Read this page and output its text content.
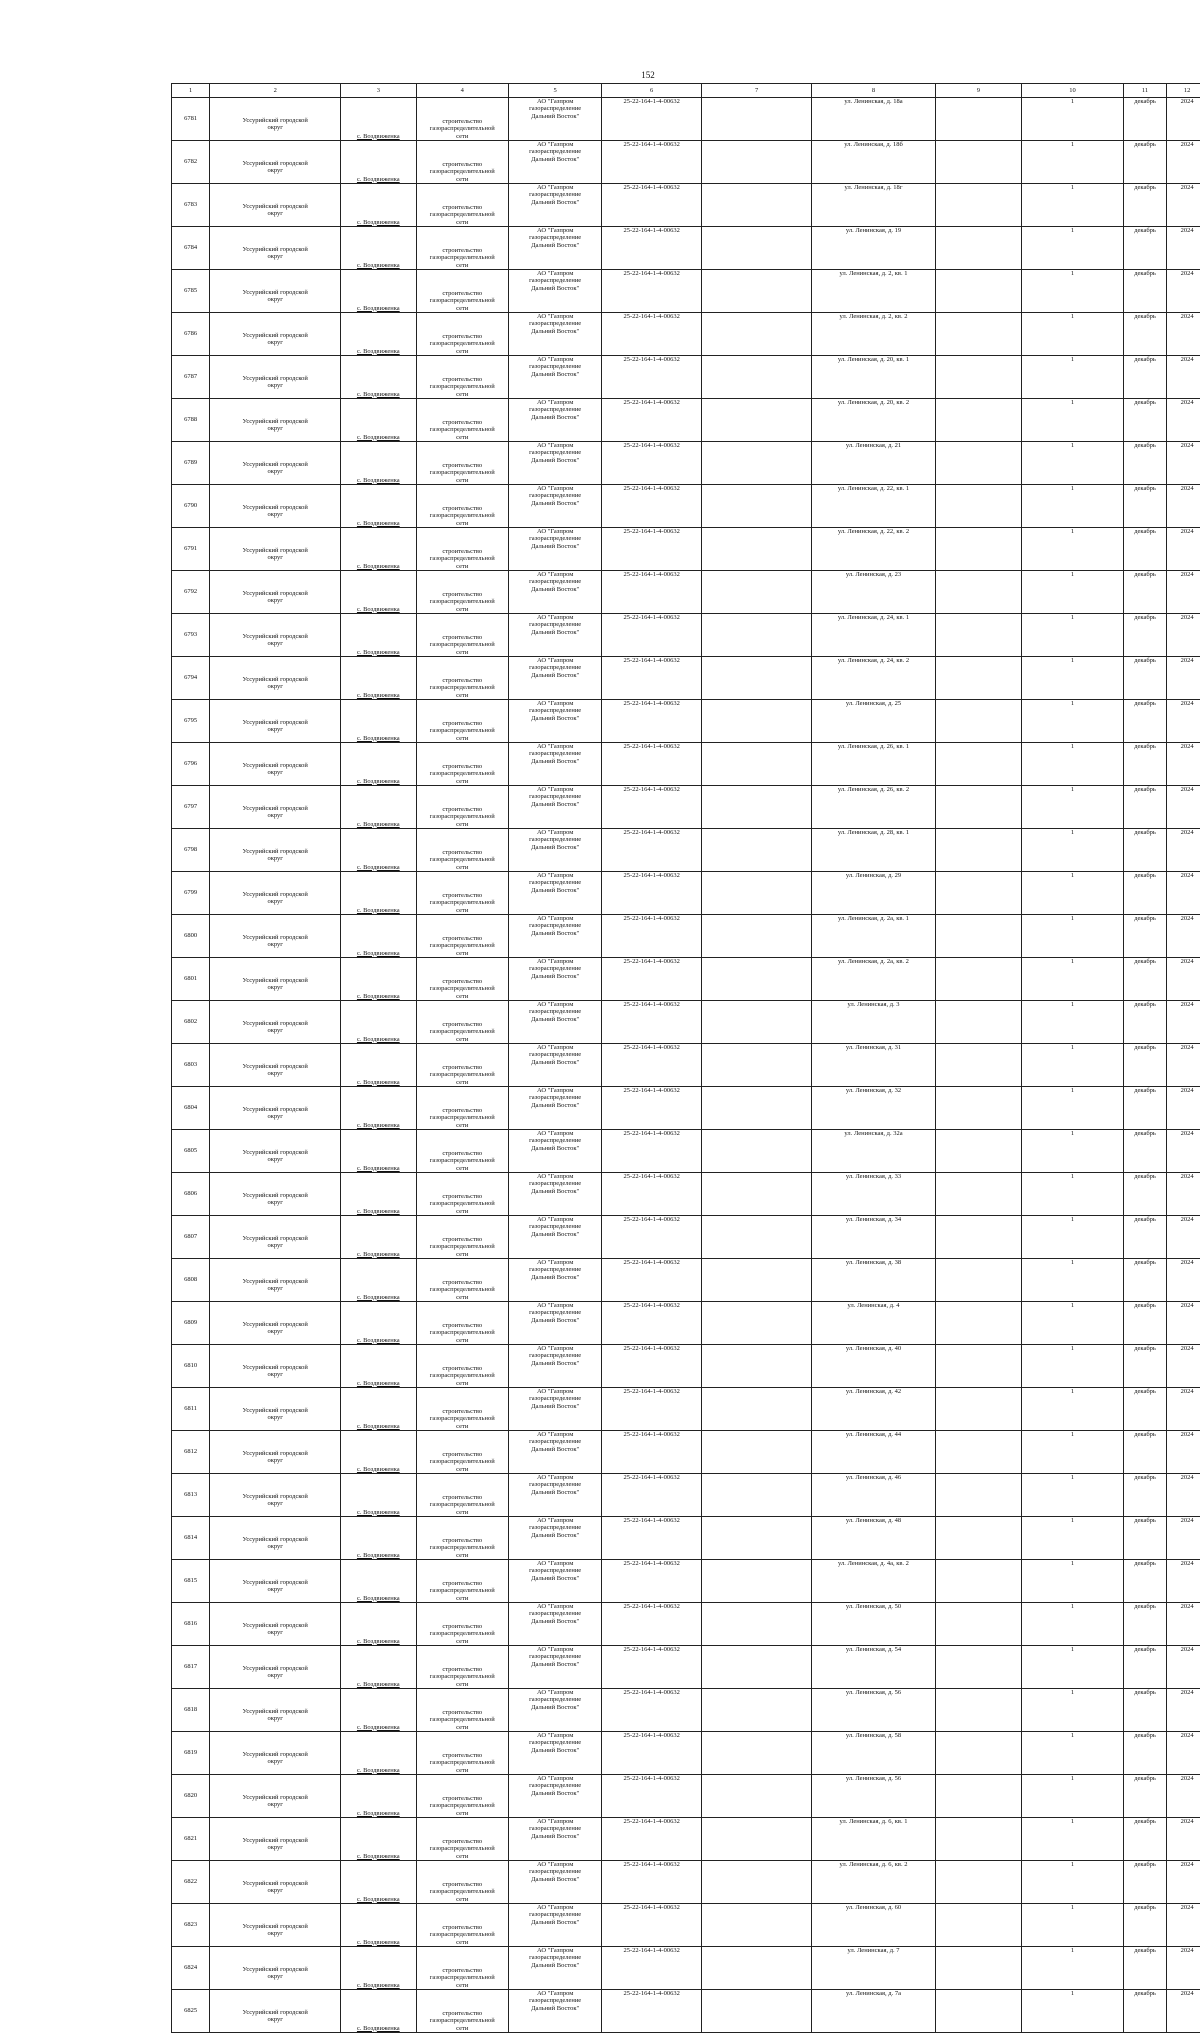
152
1	2	3	4	5	6	7	8	9	10	11	12

6781	Уссурийский городской
округ	с. Воздвиженка	строительство
газораспределительной
сети	АО "Газпром
газораспределение
Дальний Восток"	25-22-164-1-4-00632		ул. Ленинская, д. 18а		1	декабрь	2024

6782	Уссурийский городской
округ	с. Воздвиженка	строительство
газораспределительной
сети	АО "Газпром
газораспределение
Дальний Восток"	25-22-164-1-4-00632		ул. Ленинская, д. 18б		1	декабрь	2024

6783	Уссурийский городской
округ	с. Воздвиженка	строительство
газораспределительной
сети	АО "Газпром
газораспределение
Дальний Восток"	25-22-164-1-4-00632		ул. Ленинская, д. 18г		1	декабрь	2024

6784	Уссурийский городской
округ	с. Воздвиженка	строительство
газораспределительной
сети	АО "Газпром
газораспределение
Дальний Восток"	25-22-164-1-4-00632		ул. Ленинская, д. 19		1	декабрь	2024

6785	Уссурийский городской
округ	с. Воздвиженка	строительство
газораспределительной
сети	АО "Газпром
газораспределение
Дальний Восток"	25-22-164-1-4-00632		ул. Ленинская, д. 2, кв. 1		1	декабрь	2024

6786	Уссурийский городской
округ	с. Воздвиженка	строительство
газораспределительной
сети	АО "Газпром
газораспределение
Дальний Восток"	25-22-164-1-4-00632		ул. Ленинская, д. 2, кв. 2		1	декабрь	2024

6787	Уссурийский городской
округ	с. Воздвиженка	строительство
газораспределительной
сети	АО "Газпром
газораспределение
Дальний Восток"	25-22-164-1-4-00632		ул. Ленинская, д. 20, кв. 1		1	декабрь	2024

6788	Уссурийский городской
округ	с. Воздвиженка	строительство
газораспределительной
сети	АО "Газпром
газораспределение
Дальний Восток"	25-22-164-1-4-00632		ул. Ленинская, д. 20, кв. 2		1	декабрь	2024

6789	Уссурийский городской
округ	с. Воздвиженка	строительство
газораспределительной
сети	АО "Газпром
газораспределение
Дальний Восток"	25-22-164-1-4-00632		ул. Ленинская, д. 21		1	декабрь	2024

6790	Уссурийский городской
округ	с. Воздвиженка	строительство
газораспределительной
сети	АО "Газпром
газораспределение
Дальний Восток"	25-22-164-1-4-00632		ул. Ленинская, д. 22, кв. 1		1	декабрь	2024

6791	Уссурийский городской
округ	с. Воздвиженка	строительство
газораспределительной
сети	АО "Газпром
газораспределение
Дальний Восток"	25-22-164-1-4-00632		ул. Ленинская, д. 22, кв. 2		1	декабрь	2024

6792	Уссурийский городской
округ	с. Воздвиженка	строительство
газораспределительной
сети	АО "Газпром
газораспределение
Дальний Восток"	25-22-164-1-4-00632		ул. Ленинская, д. 23		1	декабрь	2024

6793	Уссурийский городской
округ	с. Воздвиженка	строительство
газораспределительной
сети	АО "Газпром
газораспределение
Дальний Восток"	25-22-164-1-4-00632		ул. Ленинская, д. 24, кв. 1		1	декабрь	2024

6794	Уссурийский городской
округ	с. Воздвиженка	строительство
газораспределительной
сети	АО "Газпром
газораспределение
Дальний Восток"	25-22-164-1-4-00632		ул. Ленинская, д. 24, кв. 2		1	декабрь	2024

6795	Уссурийский городской
округ	с. Воздвиженка	строительство
газораспределительной
сети	АО "Газпром
газораспределение
Дальний Восток"	25-22-164-1-4-00632		ул. Ленинская, д. 25		1	декабрь	2024

6796	Уссурийский городской
округ	с. Воздвиженка	строительство
газораспределительной
сети	АО "Газпром
газораспределение
Дальний Восток"	25-22-164-1-4-00632		ул. Ленинская, д. 26, кв. 1		1	декабрь	2024

6797	Уссурийский городской
округ	с. Воздвиженка	строительство
газораспределительной
сети	АО "Газпром
газораспределение
Дальний Восток"	25-22-164-1-4-00632		ул. Ленинская, д. 26, кв. 2		1	декабрь	2024

6798	Уссурийский городской
округ	с. Воздвиженка	строительство
газораспределительной
сети	АО "Газпром
газораспределение
Дальний Восток"	25-22-164-1-4-00632		ул. Ленинская, д. 28, кв. 1		1	декабрь	2024

6799	Уссурийский городской
округ	с. Воздвиженка	строительство
газораспределительной
сети	АО "Газпром
газораспределение
Дальний Восток"	25-22-164-1-4-00632		ул. Ленинская, д. 29		1	декабрь	2024

6800	Уссурийский городской
округ	с. Воздвиженка	строительство
газораспределительной
сети	АО "Газпром
газораспределение
Дальний Восток"	25-22-164-1-4-00632		ул. Ленинская, д. 2а, кв. 1		1	декабрь	2024

6801	Уссурийский городской
округ	с. Воздвиженка	строительство
газораспределительной
сети	АО "Газпром
газораспределение
Дальний Восток"	25-22-164-1-4-00632		ул. Ленинская, д. 2а, кв. 2		1	декабрь	2024

6802	Уссурийский городской
округ	с. Воздвиженка	строительство
газораспределительной
сети	АО "Газпром
газораспределение
Дальний Восток"	25-22-164-1-4-00632		ул. Ленинская, д. 3		1	декабрь	2024

6803	Уссурийский городской
округ	с. Воздвиженка	строительство
газораспределительной
сети	АО "Газпром
газораспределение
Дальний Восток"	25-22-164-1-4-00632		ул. Ленинская, д. 31		1	декабрь	2024

6804	Уссурийский городской
округ	с. Воздвиженка	строительство
газораспределительной
сети	АО "Газпром
газораспределение
Дальний Восток"	25-22-164-1-4-00632		ул. Ленинская, д. 32		1	декабрь	2024

6805	Уссурийский городской
округ	с. Воздвиженка	строительство
газораспределительной
сети	АО "Газпром
газораспределение
Дальний Восток"	25-22-164-1-4-00632		ул. Ленинская, д. 32а		1	декабрь	2024

6806	Уссурийский городской
округ	с. Воздвиженка	строительство
газораспределительной
сети	АО "Газпром
газораспределение
Дальний Восток"	25-22-164-1-4-00632		ул. Ленинская, д. 33		1	декабрь	2024

6807	Уссурийский городской
округ	с. Воздвиженка	строительство
газораспределительной
сети	АО "Газпром
газораспределение
Дальний Восток"	25-22-164-1-4-00632		ул. Ленинская, д. 34		1	декабрь	2024

6808	Уссурийский городской
округ	с. Воздвиженка	строительство
газораспределительной
сети	АО "Газпром
газораспределение
Дальний Восток"	25-22-164-1-4-00632		ул. Ленинская, д. 38		1	декабрь	2024

6809	Уссурийский городской
округ	с. Воздвиженка	строительство
газораспределительной
сети	АО "Газпром
газораспределение
Дальний Восток"	25-22-164-1-4-00632		ул. Ленинская, д. 4		1	декабрь	2024

6810	Уссурийский городской
округ	с. Воздвиженка	строительство
газораспределительной
сети	АО "Газпром
газораспределение
Дальний Восток"	25-22-164-1-4-00632		ул. Ленинская, д. 40		1	декабрь	2024

6811	Уссурийский городской
округ	с. Воздвиженка	строительство
газораспределительной
сети	АО "Газпром
газораспределение
Дальний Восток"	25-22-164-1-4-00632		ул. Ленинская, д. 42		1	декабрь	2024

6812	Уссурийский городской
округ	с. Воздвиженка	строительство
газораспределительной
сети	АО "Газпром
газораспределение
Дальний Восток"	25-22-164-1-4-00632		ул. Ленинская, д. 44		1	декабрь	2024

6813	Уссурийский городской
округ	с. Воздвиженка	строительство
газораспределительной
сети	АО "Газпром
газораспределение
Дальний Восток"	25-22-164-1-4-00632		ул. Ленинская, д. 46		1	декабрь	2024

6814	Уссурийский городской
округ	с. Воздвиженка	строительство
газораспределительной
сети	АО "Газпром
газораспределение
Дальний Восток"	25-22-164-1-4-00632		ул. Ленинская, д. 48		1	декабрь	2024

6815	Уссурийский городской
округ	с. Воздвиженка	строительство
газораспределительной
сети	АО "Газпром
газораспределение
Дальний Восток"	25-22-164-1-4-00632		ул. Ленинская, д. 4а, кв. 2		1	декабрь	2024

6816	Уссурийский городской
округ	с. Воздвиженка	строительство
газораспределительной
сети	АО "Газпром
газораспределение
Дальний Восток"	25-22-164-1-4-00632		ул. Ленинская, д. 50		1	декабрь	2024

6817	Уссурийский городской
округ	с. Воздвиженка	строительство
газораспределительной
сети	АО "Газпром
газораспределение
Дальний Восток"	25-22-164-1-4-00632		ул. Ленинская, д. 54		1	декабрь	2024

6818	Уссурийский городской
округ	с. Воздвиженка	строительство
газораспределительной
сети	АО "Газпром
газораспределение
Дальний Восток"	25-22-164-1-4-00632		ул. Ленинская, д. 56		1	декабрь	2024

6819	Уссурийский городской
округ	с. Воздвиженка	строительство
газораспределительной
сети	АО "Газпром
газораспределение
Дальний Восток"	25-22-164-1-4-00632		ул. Ленинская, д. 58		1	декабрь	2024

6820	Уссурийский городской
округ	с. Воздвиженка	строительство
газораспределительной
сети	АО "Газпром
газораспределение
Дальний Восток"	25-22-164-1-4-00632		ул. Ленинская, д. 56		1	декабрь	2024

6821	Уссурийский городской
округ	с. Воздвиженка	строительство
газораспределительной
сети	АО "Газпром
газораспределение
Дальний Восток"	25-22-164-1-4-00632		ул. Ленинская, д. 6, кв. 1		1	декабрь	2024

6822	Уссурийский городской
округ	с. Воздвиженка	строительство
газораспределительной
сети	АО "Газпром
газораспределение
Дальний Восток"	25-22-164-1-4-00632		ул. Ленинская, д. 6, кв. 2		1	декабрь	2024

6823	Уссурийский городской
округ	с. Воздвиженка	строительство
газораспределительной
сети	АО "Газпром
газораспределение
Дальний Восток"	25-22-164-1-4-00632		ул. Ленинская, д. 60		1	декабрь	2024

6824	Уссурийский городской
округ	с. Воздвиженка	строительство
газораспределительной
сети	АО "Газпром
газораспределение
Дальний Восток"	25-22-164-1-4-00632		ул. Ленинская, д. 7		1	декабрь	2024

6825	Уссурийский городской
округ	с. Воздвиженка	строительство
газораспределительной
сети	АО "Газпром
газораспределение
Дальний Восток"	25-22-164-1-4-00632		ул. Ленинская, д. 7а		1	декабрь	2024
